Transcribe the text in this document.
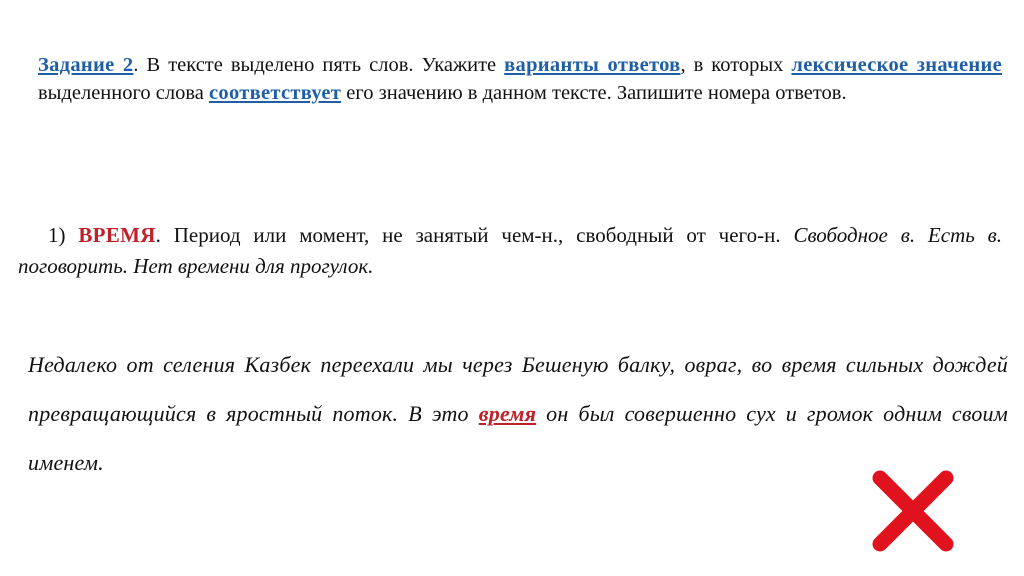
Задание 2. В тексте выделено пять слов. Укажите варианты ответов, в которых лексическое значение выделенного слова соответствует его значению в данном тексте. Запишите номера ответов.

1) ВРЕМЯ. Период или момент, не занятый чем-н., свободный от чего-н. Свободное в. Есть в. поговорить. Нет времени для прогулок.

Недалеко от селения Казбек переехали мы через Бешеную балку, овраг, во время сильных дождей превращающийся в яростный поток. В это время он был совершенно сух и громок одним своим именем.
